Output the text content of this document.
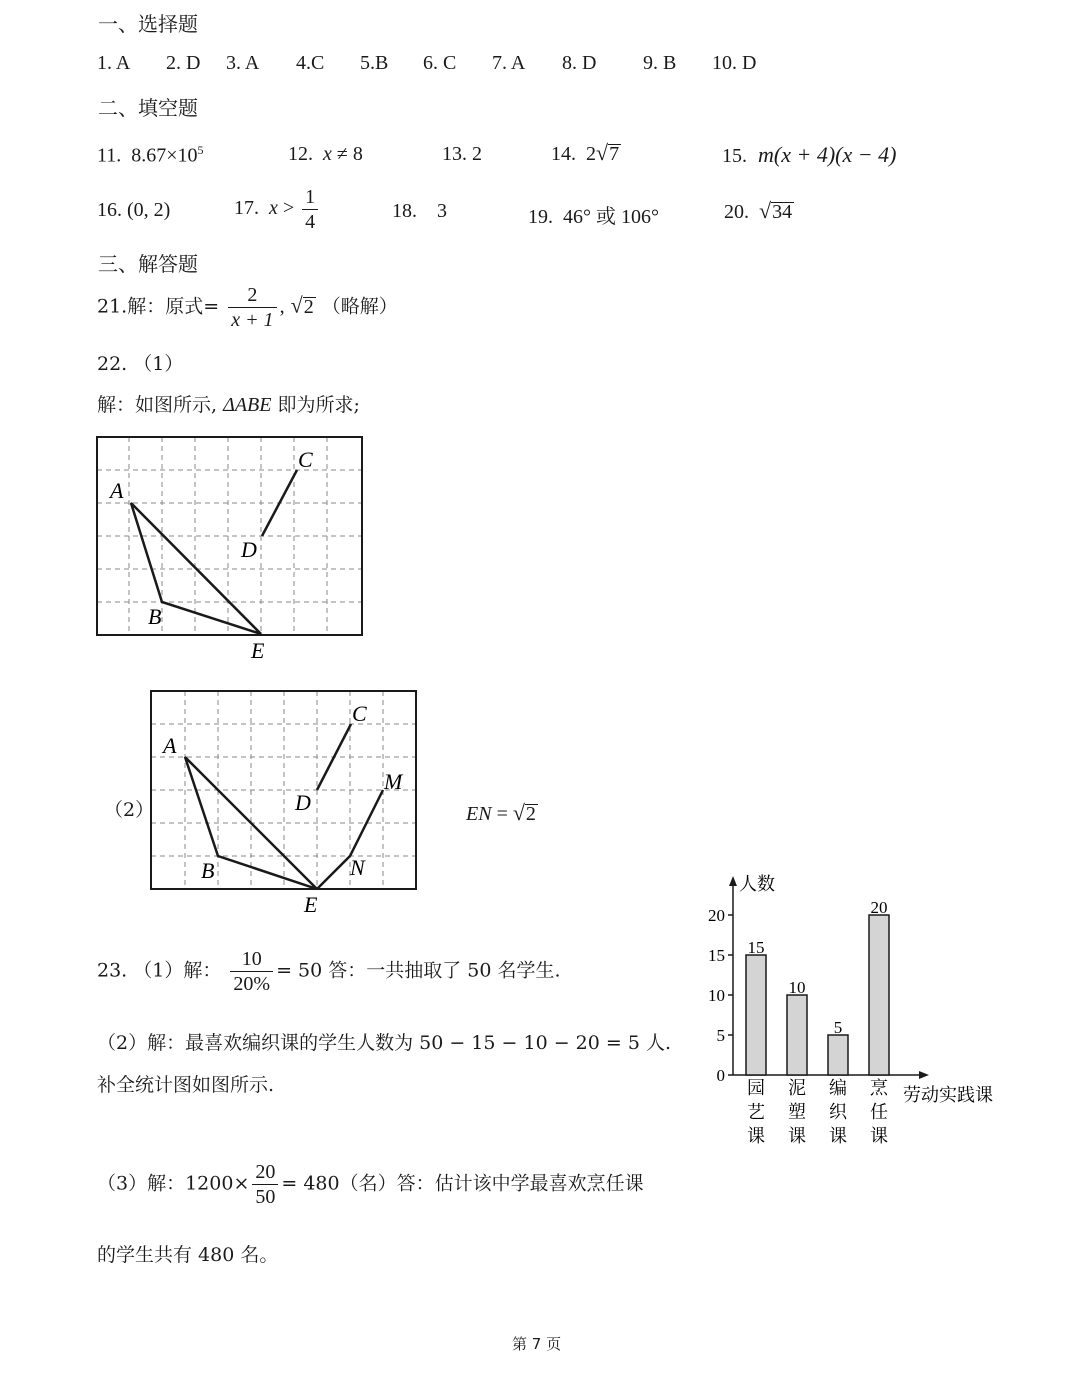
一、选择题
1. A 2. D 3. A 4.C 5.B 6. C 7. A 8. D 9. B 10. D
二、填空题
11. $8.67\times 10^5$	12. x ≠ 8	13. 2	14. 2√7	15. m(x + 4)(x − 4)
16. (0, 2)	17. $x > \frac{1}{4}$	18.    3	19.  46° 或 106°	20. √34
三、解答题
21.解：原式= $\frac{2}{x + 1}$ , √2 （略解）
22. （1）
解：如图所示, ΔABE 即为所求;
A
B
C
D
E
（2）
A
B
C
D
E
M
N
EN = √2
23. （1）解： $\frac{10}{20\%} = 50$ 答：一共抽取了 50 名学生.
（2）解：最喜欢编织课的学生人数为 50 − 15 − 10 − 20 = 5 人.
补全统计图如图所示.
（3）解：$1200\times \frac{20}{50} = 480$（名）答：估计该中学最喜欢烹任课
的学生共有 480 名。
人数
劳动实践课
0
5
10
15
20
15
10
5
20
园
艺
课
泥
塑
课
编
织
课
烹
任
课
第 7 页
